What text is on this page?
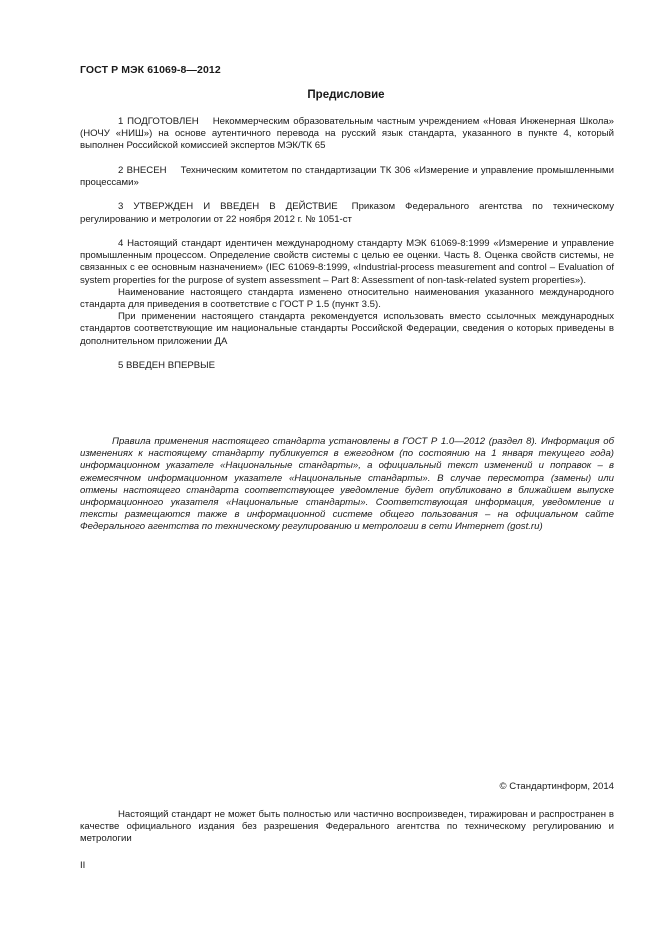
ГОСТ Р МЭК 61069-8—2012
Предисловие

1 ПОДГОТОВЛЕН Некоммерческим образовательным частным учреждением «Новая Инженерная Школа» (НОЧУ «НИШ») на основе аутентичного перевода на русский язык стандарта, указанного в пункте 4, который выполнен Российской комиссией экспертов МЭК/ТК 65

2 ВНЕСЕН Техническим комитетом по стандартизации ТК 306 «Измерение и управление промышленными процессами»

3 УТВЕРЖДЕН И ВВЕДЕН В ДЕЙСТВИЕ Приказом Федерального агентства по техническому регулированию и метрологии от 22 ноября 2012 г. № 1051-ст

4 Настоящий стандарт идентичен международному стандарту МЭК 61069-8:1999 «Измерение и управление промышленным процессом. Определение свойств системы с целью ее оценки. Часть 8. Оценка свойств системы, не связанных с ее основным назначением» (IEC 61069-8:1999, «Industrial-process measurement and control – Evaluation of system properties for the purpose of system assessment – Part 8: Assessment of non-task-related system properties»).

Наименование настоящего стандарта изменено относительно наименования указанного международного стандарта для приведения в соответствие с ГОСТ Р 1.5 (пункт 3.5).

При применении настоящего стандарта рекомендуется использовать вместо ссылочных международных стандартов соответствующие им национальные стандарты Российской Федерации, сведения о которых приведены в дополнительном приложении ДА

5 ВВЕДЕН ВПЕРВЫЕ

Правила применения настоящего стандарта установлены в ГОСТ Р 1.0—2012 (раздел 8). Информация об изменениях к настоящему стандарту публикуется в ежегодном (по состоянию на 1 января текущего года) информационном указателе «Национальные стандарты», а официальный текст изменений и поправок – в ежемесячном информационном указателе «Национальные стандарты». В случае пересмотра (замены) или отмены настоящего стандарта соответствующее уведомление будет опубликовано в ближайшем выпуске информационного указателя «Национальные стандарты». Соответствующая информация, уведомление и тексты размещаются также в информационной системе общего пользования – на официальном сайте Федерального агентства по техническому регулированию и метрологии в сети Интернет (gost.ru)
© Стандартинформ, 2014
Настоящий стандарт не может быть полностью или частично воспроизведен, тиражирован и распространен в качестве официального издания без разрешения Федерального агентства по техническому регулированию и метрологии
II
